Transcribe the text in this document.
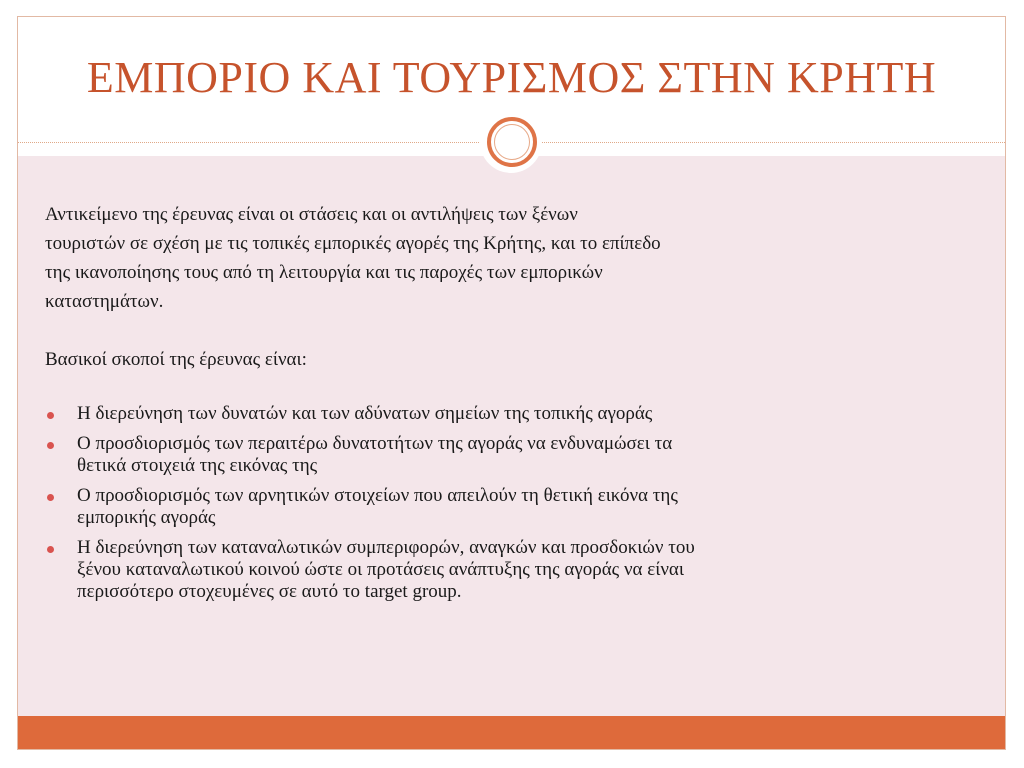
ΕΜΠΟΡΙΟ ΚΑΙ ΤΟΥΡΙΣΜΟΣ ΣΤΗΝ ΚΡΗΤΗ

Αντικείμενο της έρευνας είναι οι στάσεις και οι αντιλήψεις των ξένων
τουριστών σε σχέση με τις τοπικές εμπορικές αγορές της Κρήτης, και το επίπεδο
της ικανοποίησης τους από τη λειτουργία και τις παροχές των εμπορικών
καταστημάτων.

Βασικοί σκοποί της έρευνας είναι:

Η διερεύνηση των δυνατών και των αδύνατων σημείων της τοπικής αγοράς
Ο προσδιορισμός των περαιτέρω δυνατοτήτων της αγοράς να ενδυναμώσει τα
θετικά στοιχειά της εικόνας της
Ο προσδιορισμός των αρνητικών στοιχείων που απειλούν τη θετική εικόνα της
εμπορικής αγοράς
Η διερεύνηση των καταναλωτικών συμπεριφορών, αναγκών και προσδοκιών του
ξένου καταναλωτικού κοινού ώστε οι προτάσεις ανάπτυξης της αγοράς να είναι
περισσότερο στοχευμένες σε αυτό το target group.
